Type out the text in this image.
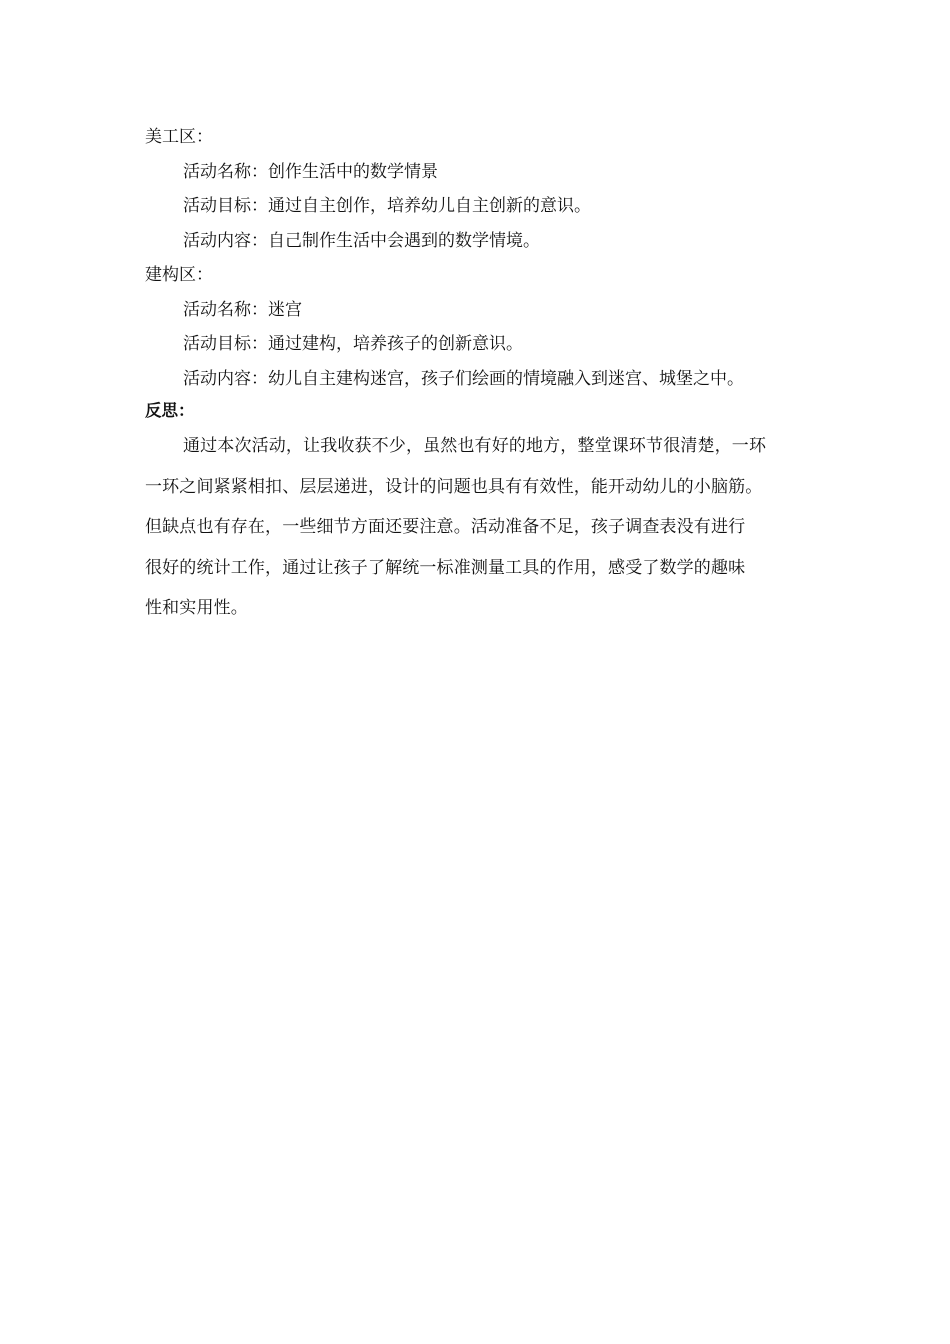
美工区：
活动名称：创作生活中的数学情景
活动目标：通过自主创作，培养幼儿自主创新的意识。
活动内容：自己制作生活中会遇到的数学情境。
建构区：
活动名称：迷宫
活动目标：通过建构，培养孩子的创新意识。
活动内容：幼儿自主建构迷宫，孩子们绘画的情境融入到迷宫、城堡之中。
反思：
通过本次活动，让我收获不少，虽然也有好的地方，整堂课环节很清楚，一环
一环之间紧紧相扣、层层递进，设计的问题也具有有效性，能开动幼儿的小脑筋。
但缺点也有存在，一些细节方面还要注意。活动准备不足，孩子调查表没有进行
很好的统计工作，通过让孩子了解统一标准测量工具的作用，感受了数学的趣味
性和实用性。
